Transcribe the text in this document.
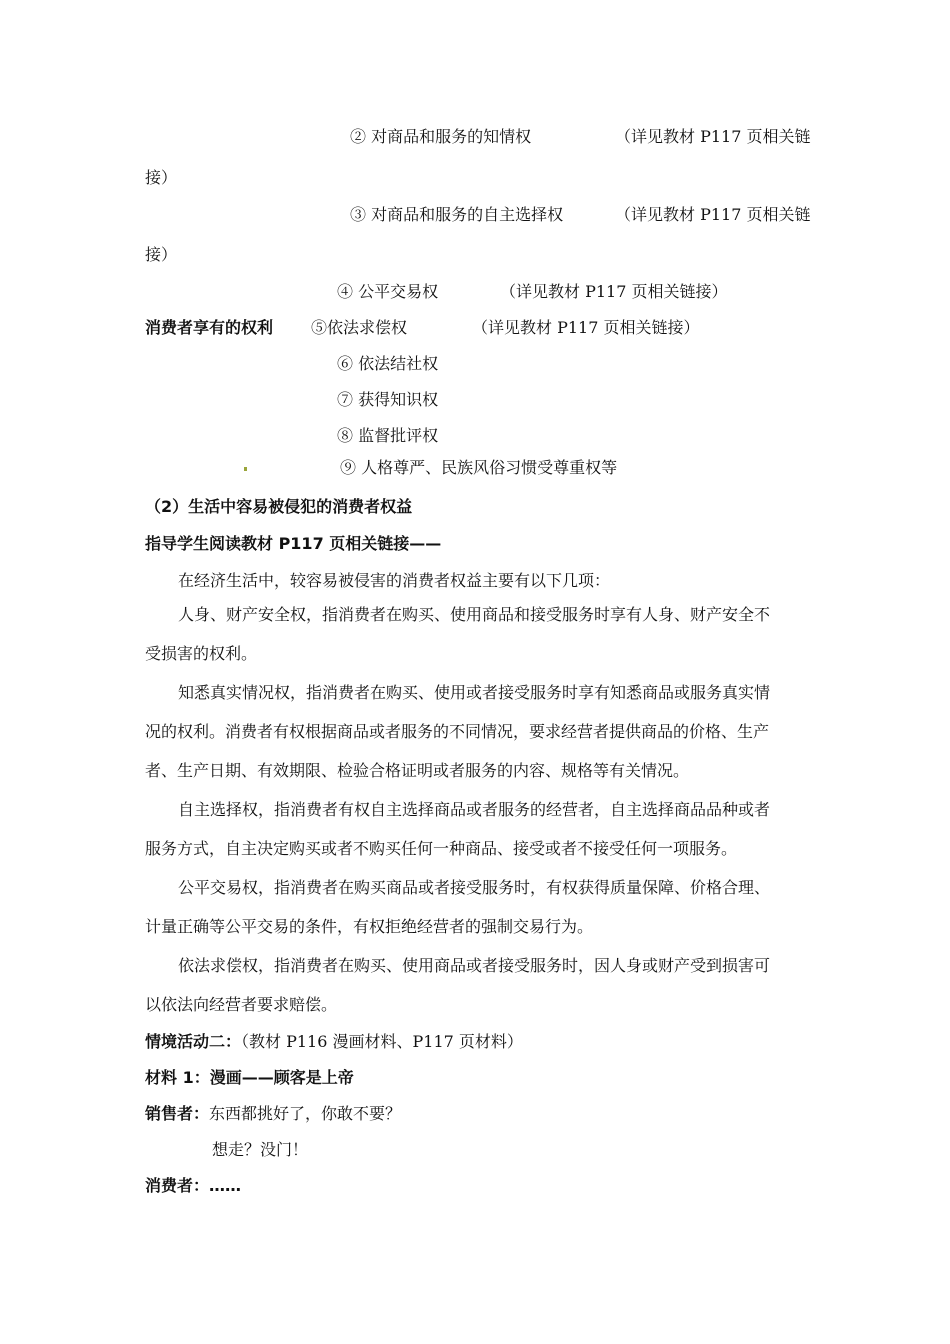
② 对商品和服务的知情权	（详见教材 P117 页相关链
接）
③ 对商品和服务的自主选择权	（详见教材 P117 页相关链
接）
④ 公平交易权	（详见教材 P117 页相关链接）
消费者享有的权利 ⑤依法求偿权	（详见教材 P117 页相关链接）
⑥ 依法结社权
⑦ 获得知识权
⑧ 监督批评权
⑨ 人格尊严、民族风俗习惯受尊重权等
（2）生活中容易被侵犯的消费者权益
指导学生阅读教材 P117 页相关链接——
在经济生活中，较容易被侵害的消费者权益主要有以下几项：
人身、财产安全权，指消费者在购买、使用商品和接受服务时享有人身、财产安全不
受损害的权利。
知悉真实情况权，指消费者在购买、使用或者接受服务时享有知悉商品或服务真实情
况的权利。消费者有权根据商品或者服务的不同情况，要求经营者提供商品的价格、生产
者、生产日期、有效期限、检验合格证明或者服务的内容、规格等有关情况。
自主选择权，指消费者有权自主选择商品或者服务的经营者，自主选择商品品种或者
服务方式，自主决定购买或者不购买任何一种商品、接受或者不接受任何一项服务。
公平交易权，指消费者在购买商品或者接受服务时，有权获得质量保障、价格合理、
计量正确等公平交易的条件，有权拒绝经营者的强制交易行为。
依法求偿权，指消费者在购买、使用商品或者接受服务时，因人身或财产受到损害可
以依法向经营者要求赔偿。
情境活动二：（教材 P116 漫画材料、P117 页材料）
材料 1：漫画——顾客是上帝
销售者：东西都挑好了，你敢不要？
想走？没门！
消费者：……
